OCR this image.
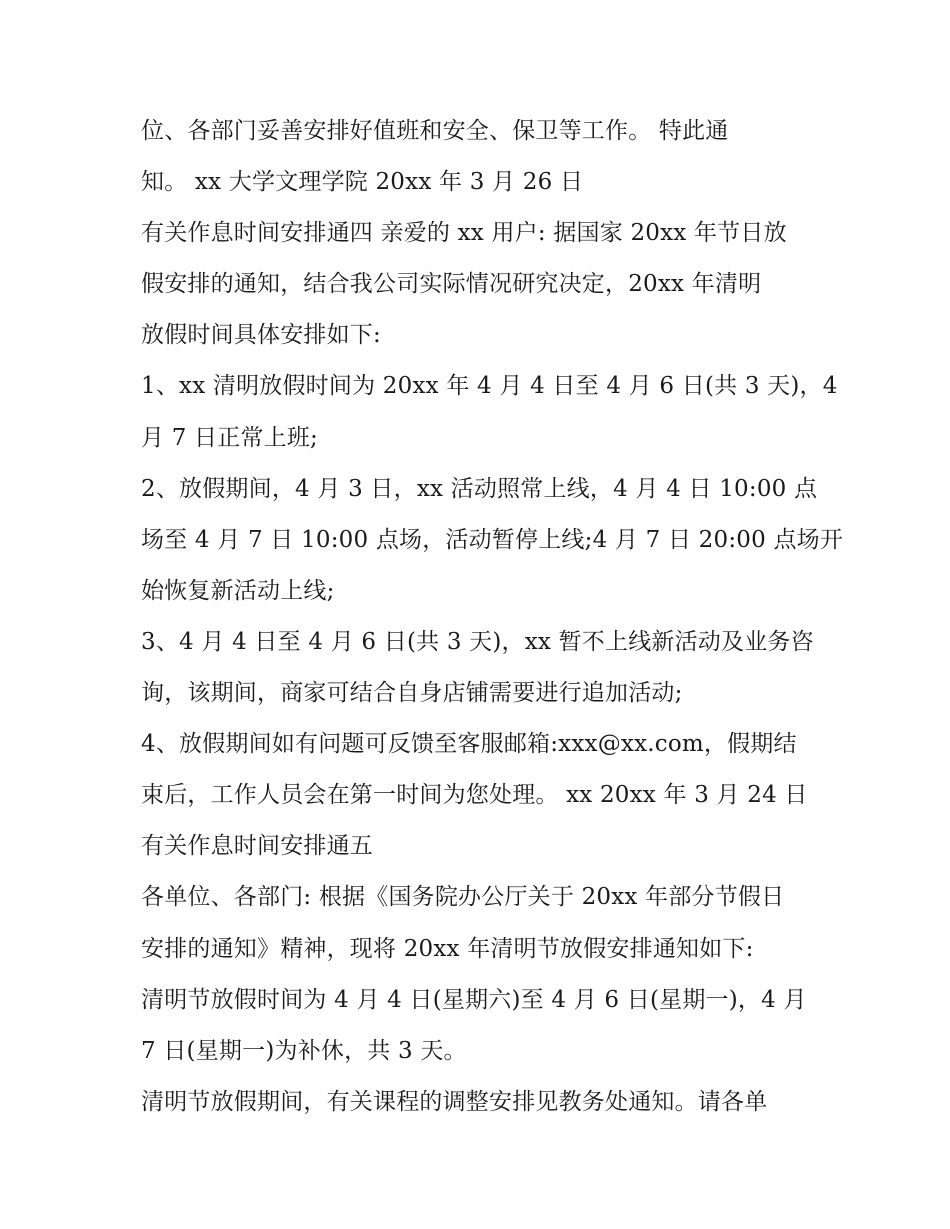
位、各部门妥善安排好值班和安全、保卫等工作。 特此通
知。 xx 大学文理学院 20xx 年 3 月 26 日
有关作息时间安排通四 亲爱的 xx 用户: 据国家 20xx 年节日放
假安排的通知，结合我公司实际情况研究决定，20xx 年清明
放假时间具体安排如下:
1、xx 清明放假时间为 20xx 年 4 月 4 日至 4 月 6 日(共 3 天)，4
月 7 日正常上班;
2、放假期间，4 月 3 日，xx 活动照常上线，4 月 4 日 10:00 点
场至 4 月 7 日 10:00 点场，活动暂停上线;4 月 7 日 20:00 点场开
始恢复新活动上线;
3、4 月 4 日至 4 月 6 日(共 3 天)，xx 暂不上线新活动及业务咨
询，该期间，商家可结合自身店铺需要进行追加活动;
4、放假期间如有问题可反馈至客服邮箱:xxx@xx.com，假期结
束后，工作人员会在第一时间为您处理。 xx 20xx 年 3 月 24 日
有关作息时间安排通五
各单位、各部门: 根据《国务院办公厅关于 20xx 年部分节假日
安排的通知》精神，现将 20xx 年清明节放假安排通知如下:
清明节放假时间为 4 月 4 日(星期六)至 4 月 6 日(星期一)，4 月
7 日(星期一)为补休，共 3 天。
清明节放假期间，有关课程的调整安排见教务处通知。请各单
